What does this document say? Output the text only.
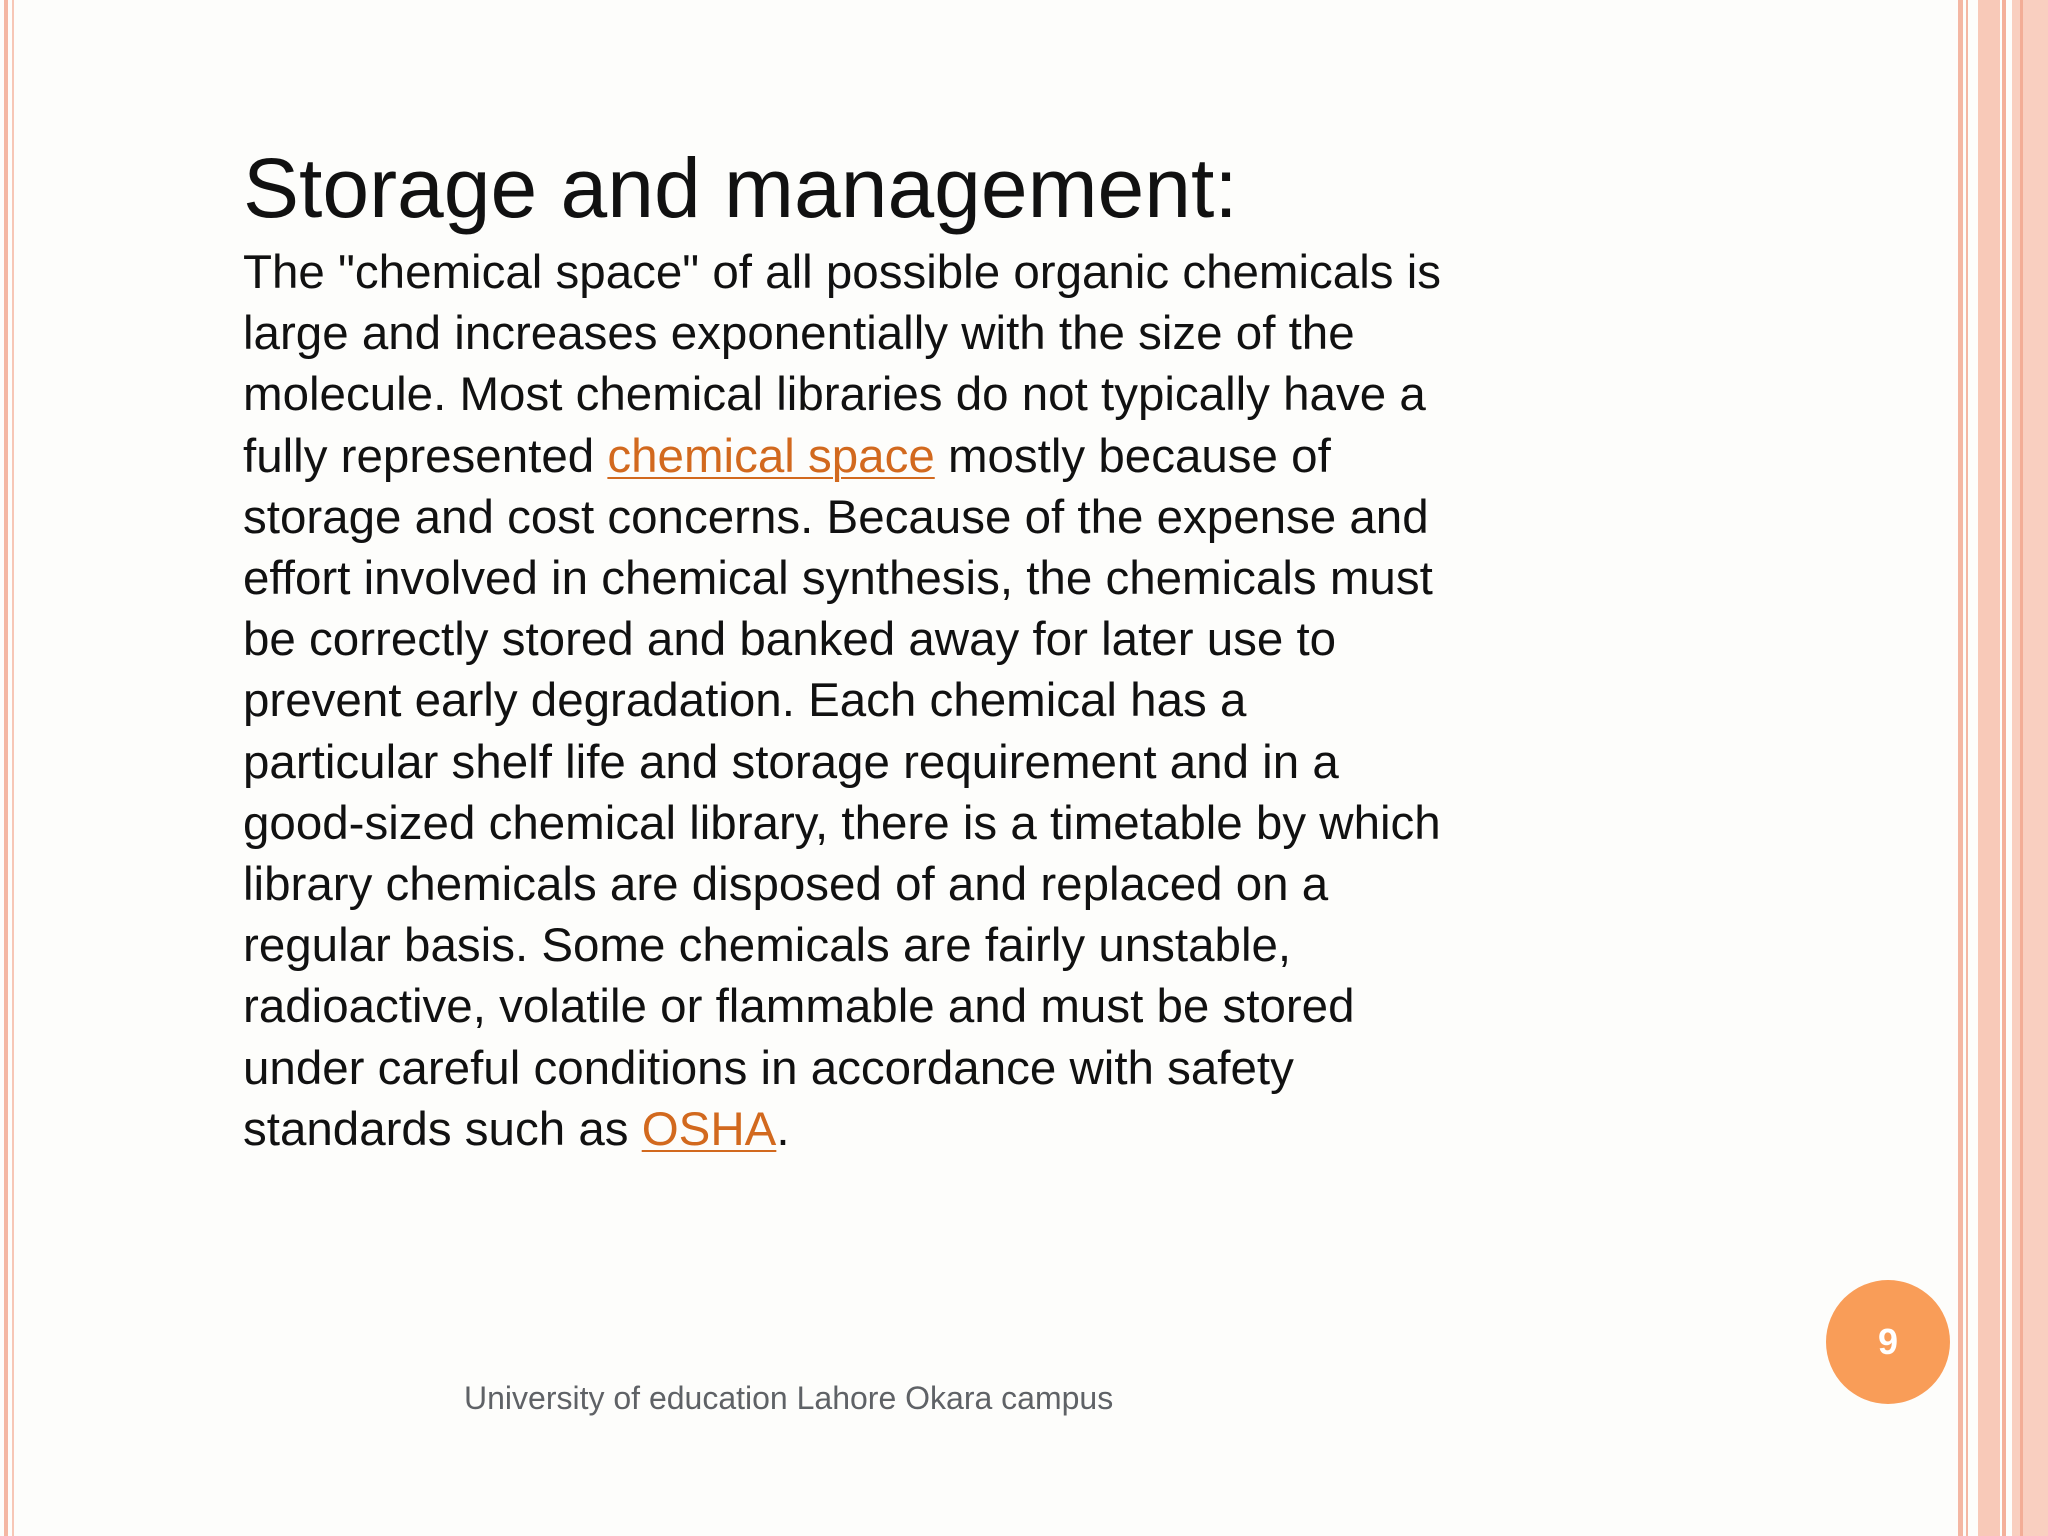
Storage and management:

The "chemical space" of all possible organic chemicals is large and increases exponentially with the size of the molecule. Most chemical libraries do not typically have a fully represented chemical space mostly because of storage and cost concerns. Because of the expense and effort involved in chemical synthesis, the chemicals must be correctly stored and banked away for later use to prevent early degradation. Each chemical has a particular shelf life and storage requirement and in a good-sized chemical library, there is a timetable by which library chemicals are disposed of and replaced on a regular basis. Some chemicals are fairly unstable, radioactive, volatile or flammable and must be stored under careful conditions in accordance with safety standards such as OSHA.

University of education Lahore Okara campus
9
